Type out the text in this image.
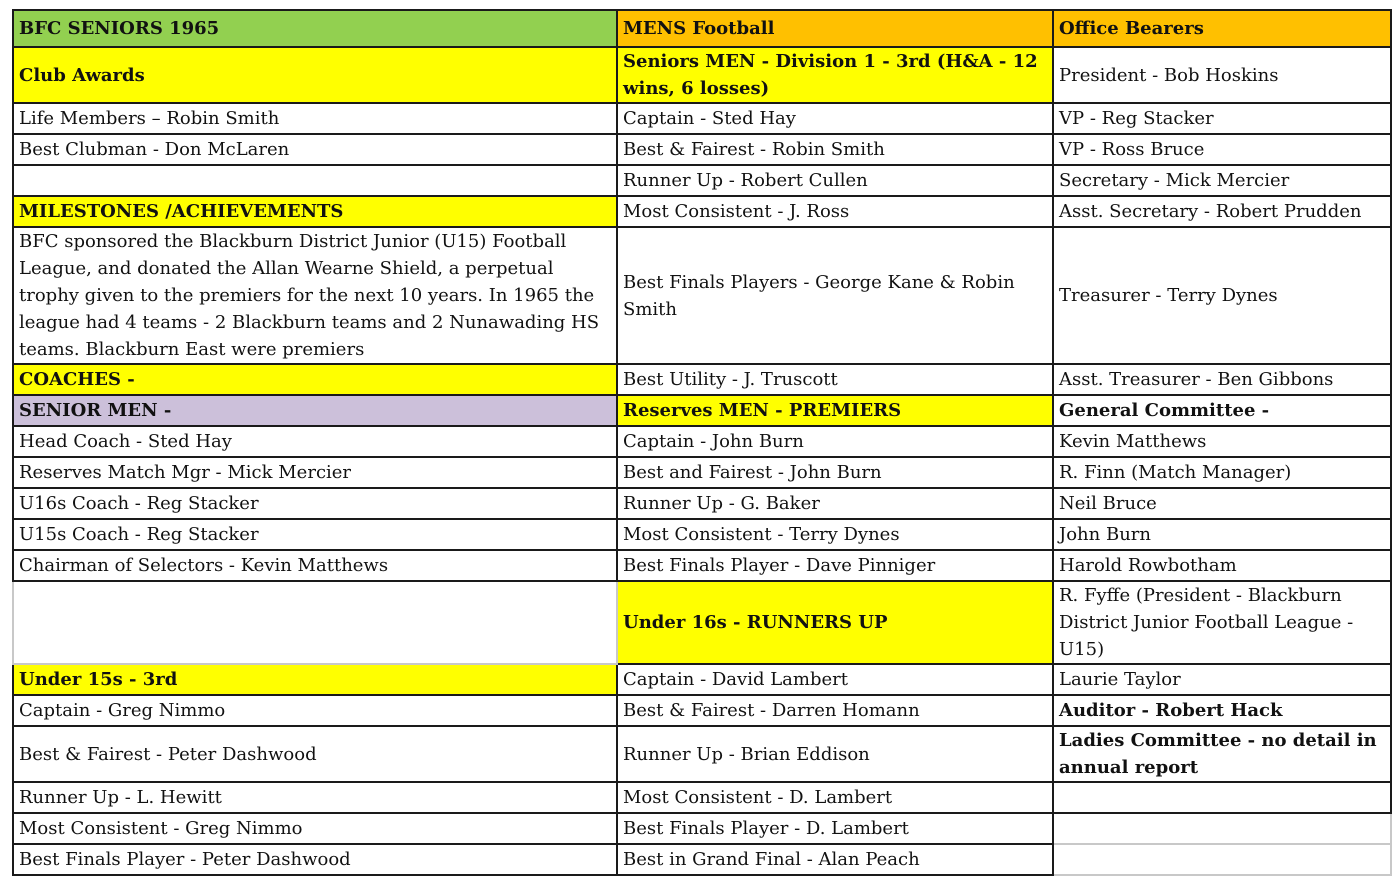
BFC SENIORS 1965	MENS Football	Office Bearers
Club Awards	Seniors MEN - Division 1 - 3rd (H&A - 12 wins, 6 losses)	President - Bob Hoskins
Life Members – Robin Smith	Captain - Sted Hay	VP - Reg Stacker
Best Clubman - Don McLaren	Best & Fairest - Robin Smith	VP - Ross Bruce
	Runner Up - Robert Cullen	Secretary - Mick Mercier
MILESTONES /ACHIEVEMENTS	Most Consistent - J. Ross	Asst. Secretary - Robert Prudden
BFC sponsored the Blackburn District Junior (U15) Football League, and donated the Allan Wearne Shield, a perpetual trophy given to the premiers for the next 10 years. In 1965 the league had 4 teams - 2 Blackburn teams and 2 Nunawading HS teams. Blackburn East were premiers	Best Finals Players - George Kane & Robin Smith	Treasurer - Terry Dynes
COACHES -	Best Utility - J. Truscott	Asst. Treasurer - Ben Gibbons
SENIOR MEN -	Reserves MEN - PREMIERS	General Committee -
Head Coach - Sted Hay	Captain - John Burn	Kevin Matthews
Reserves Match Mgr - Mick Mercier	Best and Fairest - John Burn	R. Finn (Match Manager)
U16s Coach - Reg Stacker	Runner Up - G. Baker	Neil Bruce
U15s Coach - Reg Stacker	Most Consistent - Terry Dynes	John Burn
Chairman of Selectors - Kevin Matthews	Best Finals Player - Dave Pinniger	Harold Rowbotham
	Under 16s - RUNNERS UP	R. Fyffe (President - Blackburn District Junior Football League - U15)
Under 15s - 3rd	Captain - David Lambert	Laurie Taylor
Captain - Greg Nimmo	Best & Fairest - Darren Homann	Auditor - Robert Hack
Best & Fairest - Peter Dashwood	Runner Up - Brian Eddison	Ladies Committee - no detail in annual report
Runner Up - L. Hewitt	Most Consistent - D. Lambert	
Most Consistent - Greg Nimmo	Best Finals Player - D. Lambert	
Best Finals Player - Peter Dashwood	Best in Grand Final - Alan Peach	
